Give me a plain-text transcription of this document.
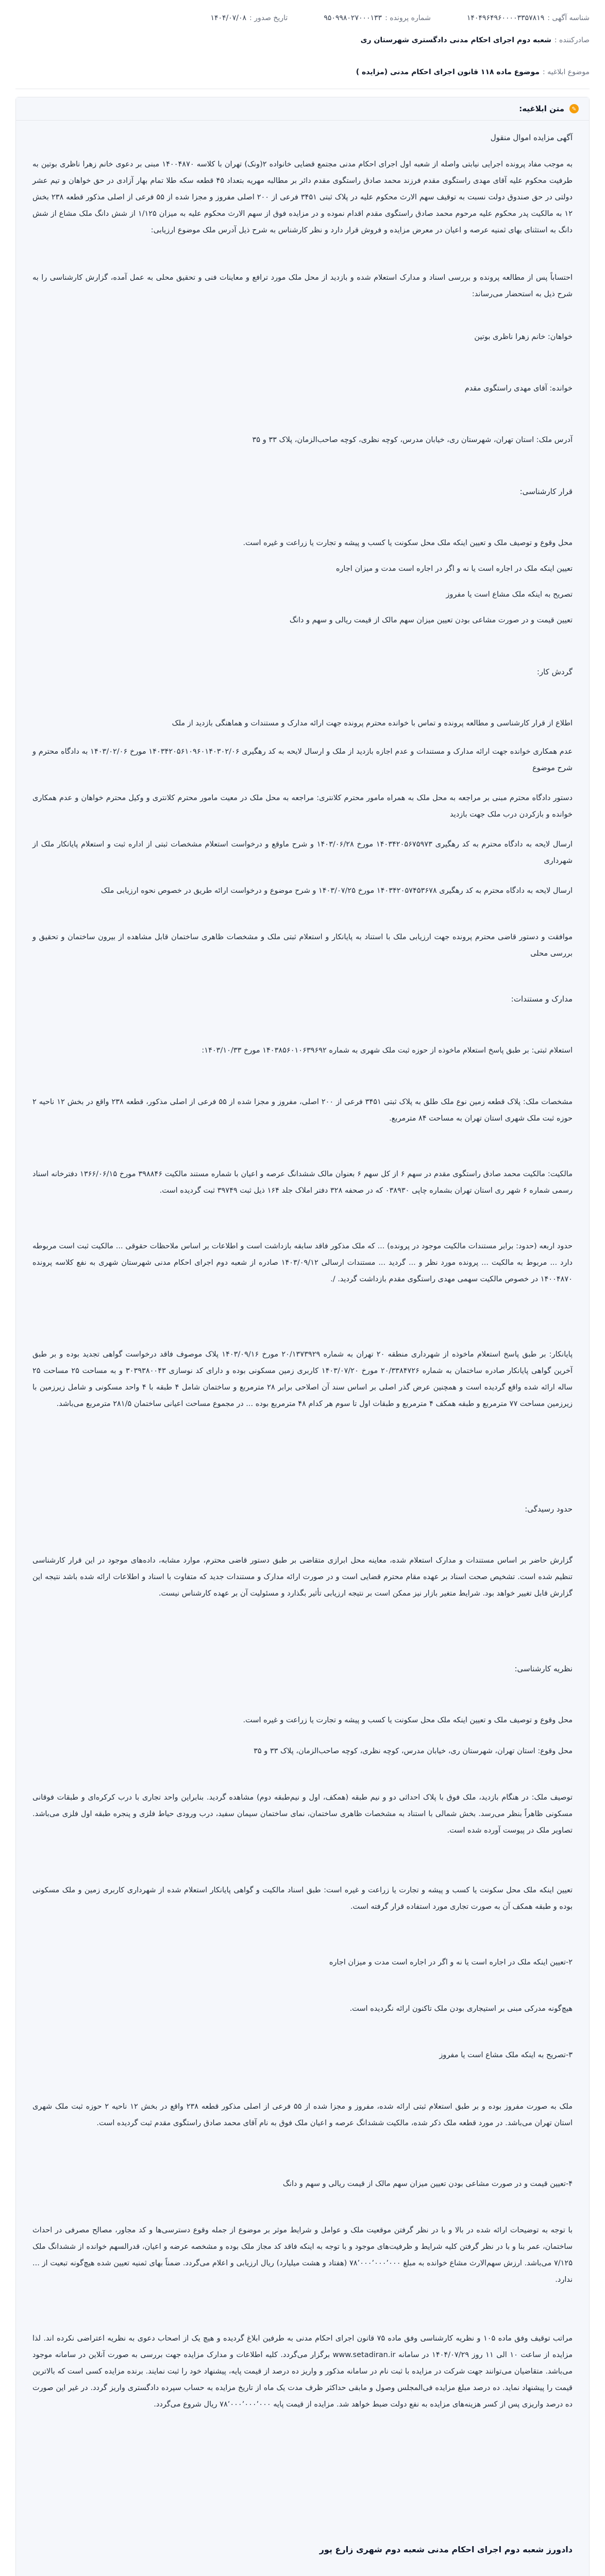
شناسه آگهی :
۱۴۰۴۹۶۴۹۶۰۰۰۰۳۳۵۷۸۱۹
شماره پرونده :
۹۵۰۹۹۸۰۲۷۰۰۰۱۳۳
تاریخ صدور :
۱۴۰۴/۰۷/۰۸
صادرکننده :
شعبه دوم اجرای احکام مدنی دادگستری شهرستان ری
موضوع ابلاغیه :
موضوع ماده ۱۱۸ قانون اجرای احکام مدنی (مزایده )
✎
متن ابلاغیه:
آگهی مزایده اموال منقول
به موجب مفاد پرونده اجرایی نیابتی واصله از شعبه اول اجرای احکام مدنی مجتمع قضایی خانواده ۲(ونک) تهران با کلاسه ۱۴۰۰۴۸۷۰ مبنی بر دعوی خانم زهرا ناظری بوتین به طرفیت محکوم علیه آقای مهدی راستگوی مقدم فرزند محمد صادق راستگوی مقدم دائر بر مطالبه مهریه بتعداد ۴۵ قطعه سکه طلا تمام بهار آزادی در حق خواهان و تیم عشر دولتی در حق صندوق دولت نسبت به توقیف سهم الارث محکوم علیه در پلاک ثبتی ۳۴۵۱ فرعی از ۲۰۰ اصلی مفروز و مجزا شده از ۵۵ فرعی از اصلی مذکور قطعه ۲۳۸ بخش ۱۲ به مالکیت پدر محکوم علیه مرحوم محمد صادق راستگوی مقدم اقدام نموده و در مزایده فوق از سهم الارث محکوم علیه به میزان ۱/۱۲۵ از شش دانگ ملک مشاع از شش دانگ به استثنای بهای ثمنیه عرصه و اعیان در معرض مزایده و فروش قرار دارد و نظر کارشناس به شرح ذیل آدرس ملک موضوع ارزیابی:
احتساباً پس از مطالعه پرونده و بررسی اسناد و مدارک استعلام شده و بازدید از محل ملک مورد ترافع و معاینات فنی و تحقیق محلی به عمل آمده، گزارش کارشناسی را به شرح ذیل به استحضار می‌رساند:
خواهان: خانم زهرا ناظری بوتین
خوانده: آقای مهدی راستگوی مقدم
آدرس ملک: استان تهران، شهرستان ری، خیابان مدرس، کوچه نظری، کوچه صاحب‌الزمان، پلاک ۳۳ و ۳۵
قرار کارشناسی:
محل وقوع و توصیف ملک و تعیین اینکه ملک محل سکونت یا کسب و پیشه و تجارت یا زراعت و غیره است.
تعیین اینکه ملک در اجاره است یا نه و اگر در اجاره است مدت و میزان اجاره
تصریح به اینکه ملک مشاع است یا مفروز
تعیین قیمت و در صورت مشاعی بودن تعیین میزان سهم مالک از قیمت ریالی و سهم و دانگ
گردش کار:
اطلاع از قرار کارشناسی و مطالعه پرونده و تماس با خوانده محترم پرونده جهت ارائه مدارک و مستندات و هماهنگی بازدید از ملک
عدم همکاری خوانده جهت ارائه مدارک و مستندات و عدم اجازه بازدید از ملک و ارسال لایحه به کد رهگیری ۱۴۰۳۴۲۰۵۶۱۰۹۶۰۱۴۰۳۰۲/۰۶ مورخ ۱۴۰۳/۰۲/۰۶ به دادگاه محترم و شرح موضوع
دستور دادگاه محترم مبنی بر مراجعه به محل ملک به همراه مامور محترم کلانتری: مراجعه به محل ملک در معیت مامور محترم کلانتری و وکیل محترم خواهان و عدم همکاری خوانده و بازکردن درب ملک جهت بازدید
ارسال لایحه به دادگاه محترم به کد رهگیری ۱۴۰۳۴۲۰۵۶۷۵۹۷۳ مورخ ۱۴۰۳/۰۶/۲۸ و شرح ماوقع و درخواست استعلام مشخصات ثبتی از اداره ثبت و استعلام پایانکار ملک از شهرداری
ارسال لایحه به دادگاه محترم به کد رهگیری ۱۴۰۳۴۲۰۵۷۴۵۳۶۷۸ مورخ ۱۴۰۳/۰۷/۲۵ و شرح موضوع و درخواست ارائه طریق در خصوص نحوه ارزیابی ملک
موافقت و دستور قاضی محترم پرونده جهت ارزیابی ملک با استناد به پایانکار و استعلام ثبتی ملک و مشخصات ظاهری ساختمان قابل مشاهده از بیرون ساختمان و تحقیق و بررسی محلی
مدارک و مستندات:
استعلام ثبتی: بر طبق پاسخ استعلام ماخوذه از حوزه ثبت ملک شهری به شماره ۱۴۰۳۸۵۶۰۱۰۶۳۹۶۹۲ مورخ ۱۴۰۳/۱۰/۳۳:
مشخصات ملک: پلاک قطعه زمین نوع ملک طلق به پلاک ثبتی ۳۴۵۱ فرعی از ۲۰۰ اصلی، مفروز و مجزا شده از ۵۵ فرعی از اصلی مذکور، قطعه ۲۳۸ واقع در بخش ۱۲ ناحیه ۲ حوزه ثبت ملک شهری استان تهران به مساحت ۸۴ مترمربع.
مالکیت: مالکیت محمد صادق راستگوی مقدم در سهم ۶ از کل سهم ۶ بعنوان مالک ششدانگ عرصه و اعیان با شماره مستند مالکیت ۳۹۸۸۴۶ مورخ ۱۳۶۶/۰۶/۱۵ دفترخانه اسناد رسمی شماره ۶ شهر ری استان تهران بشماره چاپی ۰۳۸۹۳۰ که در صحفه ۳۲۸ دفتر املاک جلد ۱۶۴ ذیل ثبت ۳۹۷۴۹ ثبت گردیده است.
حدود اربعه (حدود: برابر مستندات مالکیت موجود در پرونده) ... که ملک مذکور فاقد سابقه بازداشت است و اطلاعات بر اساس ملاحظات حقوقی ... مالکیت ثبت است مربوطه دارد ... مربوط به مالکیت ... پرونده مورد نظر و ... گردید ... مستندات ارسالی ۱۴۰۳/۰۹/۱۲ صادره از شعبه دوم اجرای احکام مدنی شهرستان شهری به نفع کلاسه پرونده ۱۴۰۰۴۸۷۰ در خصوص مالکیت سهمی مهدی راستگوی مقدم بازداشت گردید. /.
پایانکار: بر طبق پاسخ استعلام ماخوذه از شهرداری منطقه ۲۰ تهران به شماره ۲۰/۱۳۷۳۹۲۹ مورخ ۱۴۰۳/۰۹/۱۶ پلاک موصوف فاقد درخواست گواهی تجدید بوده و بر طبق آخرین گواهی پایانکار صادره ساختمان به شماره ۲۰/۳۳۸۴۷۲۶ مورخ ۱۴۰۳/۰۷/۲۰ کاربری زمین مسکونی بوده و دارای کد نوسازی ۳۰۳۹۳۸۰۰۴۳ و به مساحت ۲۵ مساحت ۲۵ ساله ارائه شده واقع گردیده است و همچنین عرض گذر اصلی بر اساس سند آن اصلاحی برابر ۲۸ مترمربع و ساختمان شامل ۴ طبقه با ۴ واحد مسکونی و شامل زیرزمین با زیرزمین مساحت ۷۷ مترمربع و طبقه همکف ۴ مترمربع و طبقات اول تا سوم هر کدام ۴۸ مترمربع بوده ... در مجموع مساحت اعیانی ساختمان ۲۸۱/۵ مترمربع می‌باشد.
حدود رسیدگی:
گزارش حاضر بر اساس مستندات و مدارک استعلام شده، معاینه محل ابرازی متقاضی بر طبق دستور قاضی محترم، موارد مشابه، داده‌های موجود در این قرار کارشناسی تنظیم شده است. تشخیص صحت اسناد بر عهده مقام محترم قضایی است و در صورت ارائه مدارک و مستندات جدید که متفاوت با اسناد و اطلاعات ارائه شده باشد نتیجه این گزارش قابل تغییر خواهد بود. شرایط متغیر بازار نیز ممکن است بر نتیجه ارزیابی تأثیر بگذارد و مسئولیت آن بر عهده کارشناس نیست.
نظریه کارشناسی:
محل وقوع و توصیف ملک و تعیین اینکه ملک محل سکونت یا کسب و پیشه و تجارت یا زراعت و غیره است.
محل وقوع: استان تهران، شهرستان ری، خیابان مدرس، کوچه نظری، کوچه صاحب‌الزمان، پلاک ۳۳ و ۳۵
توصیف ملک: در هنگام بازدید، ملک فوق با پلاک احداثی دو و نیم طبقه (همکف، اول و نیم‌طبقه دوم) مشاهده گردید. بنابراین واحد تجاری با درب کرکره‌ای و طبقات فوقانی مسکونی ظاهراً بنظر می‌رسد. بخش شمالی با استناد به مشخصات ظاهری ساختمان، نمای ساختمان سیمان سفید، درب ورودی حیاط فلزی و پنجره طبقه اول فلزی می‌باشد. تصاویر ملک در پیوست آورده شده است.
تعیین اینکه ملک محل سکونت یا کسب و پیشه و تجارت یا زراعت و غیره است: طبق اسناد مالکیت و گواهی پایانکار استعلام شده از شهرداری کاربری زمین و ملک مسکونی بوده و طبقه همکف آن به صورت تجاری مورد استفاده قرار گرفته است.
۲-تعیین اینکه ملک در اجاره است یا نه و اگر در اجاره است مدت و میزان اجاره
هیچ‌گونه مدرکی مبنی بر استیجاری بودن ملک تاکنون ارائه نگردیده است.
۳-تصریح به اینکه ملک مشاع است یا مفروز
ملک به صورت مفروز بوده و بر طبق استعلام ثبتی ارائه شده، مفروز و مجزا شده از ۵۵ فرعی از اصلی مذکور قطعه ۲۳۸ واقع در بخش ۱۲ ناحیه ۲ حوزه ثبت ملک شهری استان تهران می‌باشد. در مورد قطعه ملک ذکر شده، مالکیت ششدانگ عرصه و اعیان ملک فوق به نام آقای محمد صادق راستگوی مقدم ثبت گردیده است.
۴-تعیین قیمت و در صورت مشاعی بودن تعیین میزان سهم مالک از قیمت ریالی و سهم و دانگ
با توجه به توضیحات ارائه شده در بالا و با در نظر گرفتن موقعیت ملک و عوامل و شرایط موثر بر موضوع از جمله وقوع دسترسی‌ها و کد مجاور، مصالح مصرفی در احداث ساختمان، عمر بنا و با در نظر گرفتن کلیه شرایط و ظرفیت‌های موجود و با توجه به اینکه فاقد کد مجاز ملک بوده و مشخصه عرضه و اعیان، قدرالسهم خوانده از ششدانگ ملک ۷/۱۲۵ می‌باشد. ارزش سهم‌الارث مشاع خوانده به مبلغ ۷۸٬۰۰۰٬۰۰۰٬۰۰۰ (هفتاد و هشت میلیارد) ریال ارزیابی و اعلام می‌گردد. ضمناً بهای ثمنیه تعیین شده هیچ‌گونه تبعیت از ... ندارد.
مراتب توقیف وفق ماده ۱۰۵ و نظریه کارشناسی وفق ماده ۷۵ قانون اجرای احکام مدنی به طرفین ابلاغ گردیده و هیچ یک از اصحاب دعوی به نظریه اعتراضی نکرده اند. لذا مزایده از ساعت ۱۰ الی ۱۱ روز ۱۴۰۴/۰۷/۲۹ در سامانه www.setadiran.ir برگزار می‌گردد. کلیه اطلاعات و مدارک مزایده جهت بررسی به صورت آنلاین در سامانه موجود می‌باشد. متقاضیان می‌توانند جهت شرکت در مزایده با ثبت نام در سامانه مذکور و واریز ده درصد از قیمت پایه، پیشنهاد خود را ثبت نمایند. برنده مزایده کسی است که بالاترین قیمت را پیشنهاد نماید. ده درصد مبلغ مزایده فی‌المجلس وصول و مابقی حداکثر ظرف مدت یک ماه از تاریخ مزایده به حساب سپرده دادگستری واریز گردد. در غیر این صورت ده درصد واریزی پس از کسر هزینه‌های مزایده به نفع دولت ضبط خواهد شد. مزایده از قیمت پایه ۷۸٬۰۰۰٬۰۰۰٬۰۰۰ ریال شروع می‌گردد.
دادورز شعبه دوم اجرای احکام مدنی شعبه دوم شهری زارع پور
